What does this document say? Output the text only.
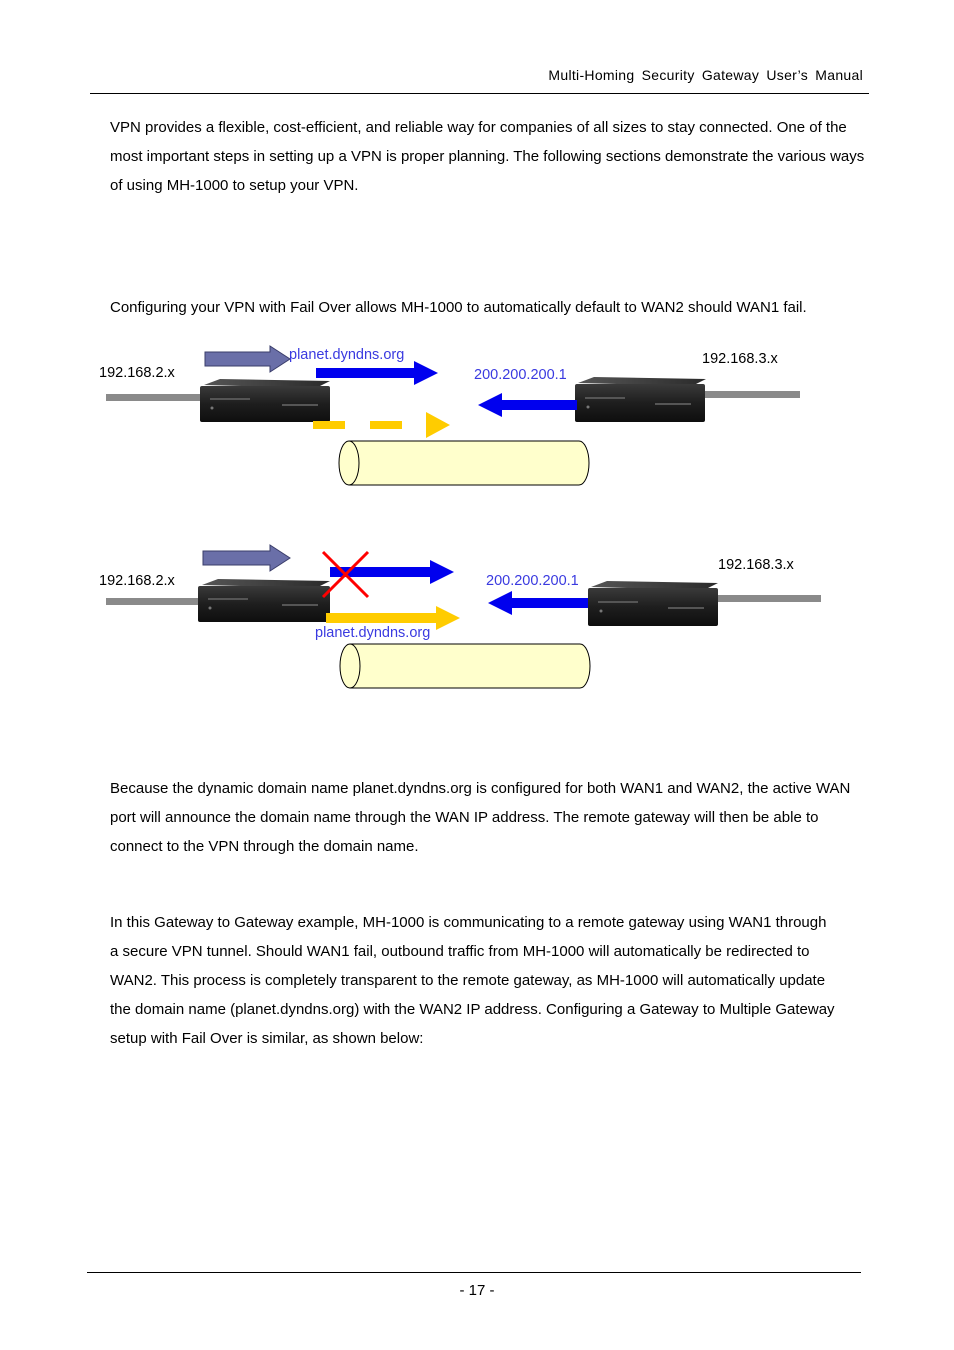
Multi-Homing Security Gateway User’s Manual
VPN provides a flexible, cost-efficient, and reliable way for companies of all sizes to stay connected. One of the most important steps in setting up a VPN is proper planning. The following sections demonstrate the various ways of using MH-1000 to setup your VPN.
Configuring your VPN with Fail Over allows MH-1000 to automatically default to WAN2 should WAN1 fail.
192.168.2.x
192.168.3.x
planet.dyndns.org
200.200.200.1
192.168.2.x
192.168.3.x
planet.dyndns.org
200.200.200.1
Because the dynamic domain name planet.dyndns.org is configured for both WAN1 and WAN2, the active WAN port will announce the domain name through the WAN IP address. The remote gateway will then be able to connect to the VPN through the domain name.
In this Gateway to Gateway example, MH-1000 is communicating to a remote gateway using WAN1 through a secure VPN tunnel. Should WAN1 fail, outbound traffic from MH-1000 will automatically be redirected to WAN2. This process is completely transparent to the remote gateway, as MH-1000 will automatically update the domain name (planet.dyndns.org) with the WAN2 IP address. Configuring a Gateway to Multiple Gateway setup with Fail Over is similar, as shown below:
- 17 -
